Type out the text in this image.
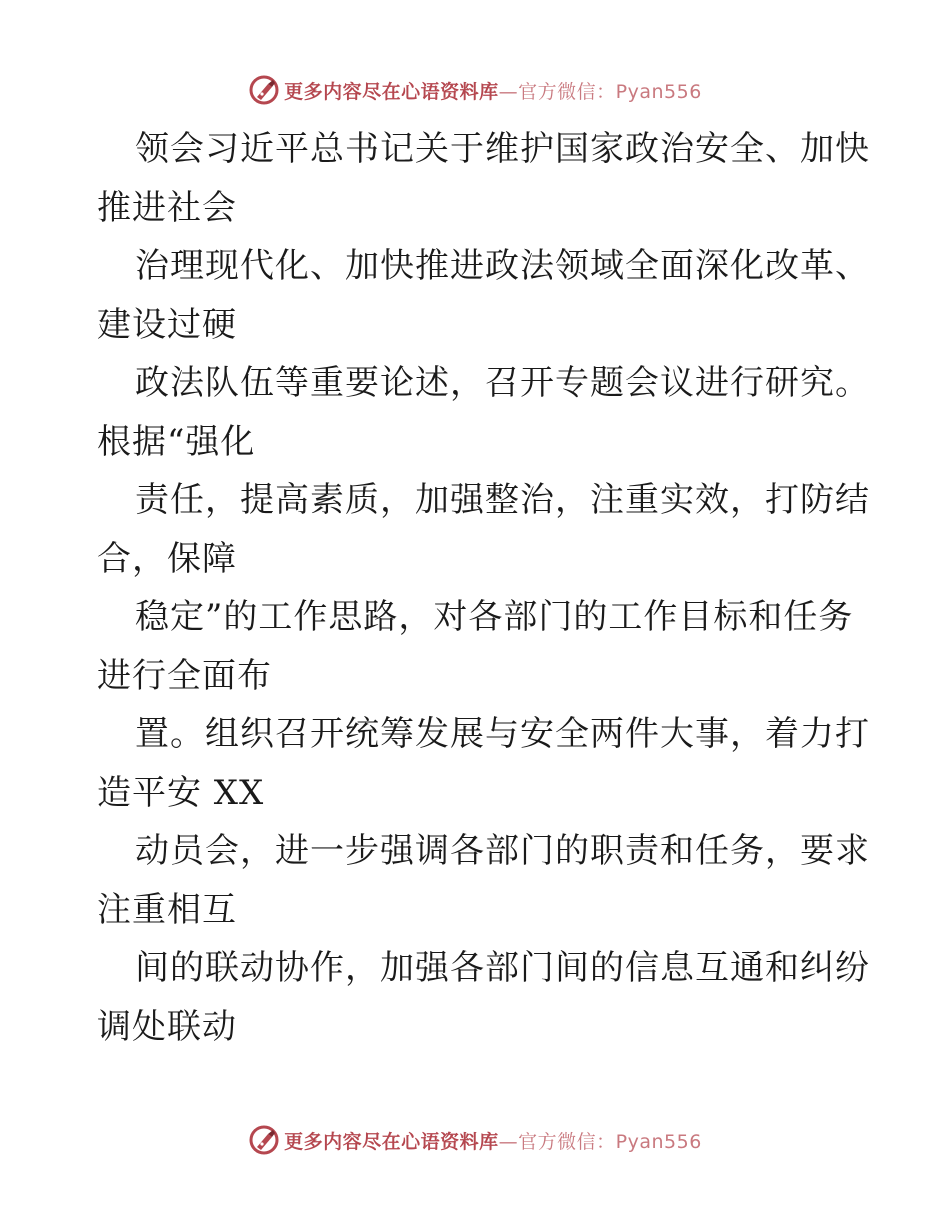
更多内容尽在心语资料库—官方微信：Pyan556
领会习近平总书记关于维护国家政治安全、加快
推进社会
治理现代化、加快推进政法领域全面深化改革、
建设过硬
政法队伍等重要论述，召开专题会议进行研究。
根据“强化
责任，提高素质，加强整治，注重实效，打防结
合，保障
稳定”的工作思路，对各部门的工作目标和任务
进行全面布
置。组织召开统筹发展与安全两件大事，着力打
造平安 XX
动员会，进一步强调各部门的职责和任务，要求
注重相互
间的联动协作，加强各部门间的信息互通和纠纷
调处联动
更多内容尽在心语资料库—官方微信：Pyan556
